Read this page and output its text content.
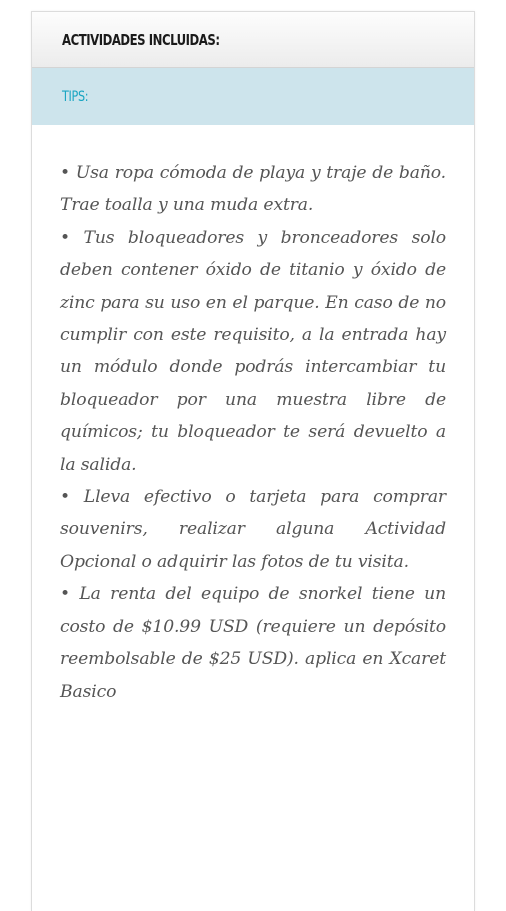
ACTIVIDADES INCLUIDAS:
TIPS:

• Usa ropa cómoda de playa y traje de baño. Trae toalla y una muda extra.

• Tus bloqueadores y bronceadores solo deben contener óxido de titanio y óxido de zinc para su uso en el parque. En caso de no cumplir con este requisito, a la entrada hay un módulo donde podrás intercambiar tu bloqueador por una muestra libre de químicos; tu bloqueador te será devuelto a la salida.

• Lleva efectivo o tarjeta para comprar souvenirs, realizar alguna Actividad Opcional o adquirir las fotos de tu visita.

• La renta del equipo de snorkel tiene un costo de $10.99 USD (requiere un depósito reembolsable de $25 USD). aplica en Xcaret Basico
